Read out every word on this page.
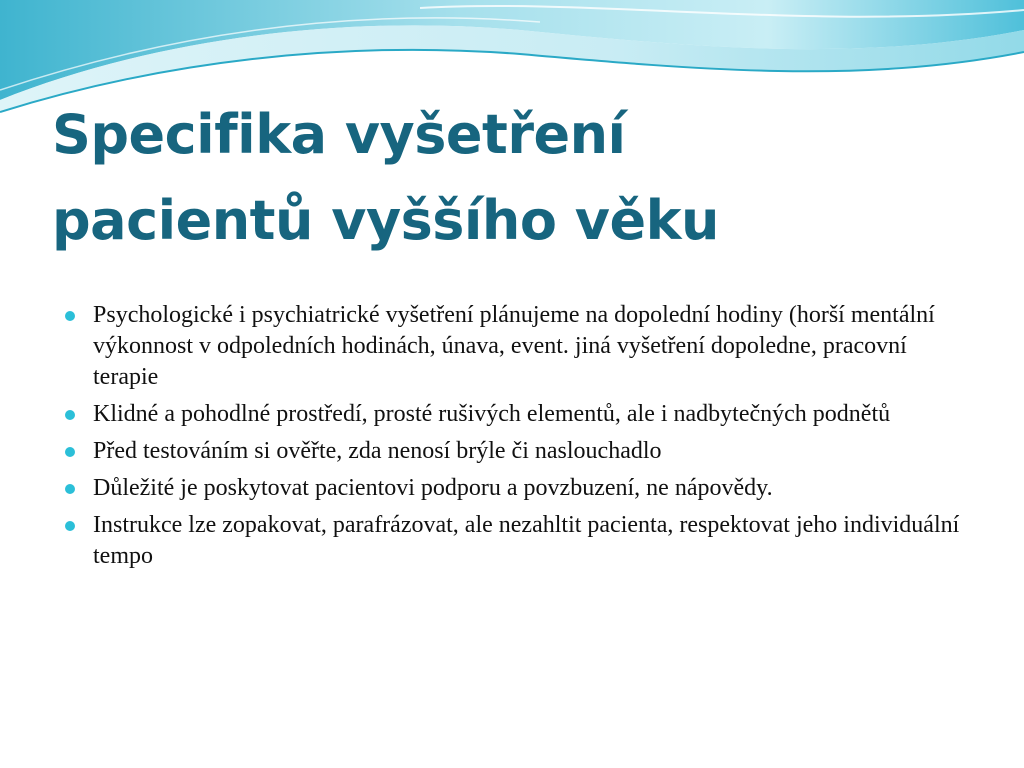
Specifika vyšetření
pacientů vyššího věku
Psychologické i psychiatrické vyšetření plánujeme na dopolední hodiny (horší mentální výkonnost v odpoledních hodinách, únava, event. jiná vyšetření dopoledne, pracovní terapie
Klidné a pohodlné prostředí, prosté rušivých elementů, ale i nadbytečných podnětů
Před testováním si ověřte, zda nenosí brýle či naslouchadlo
Důležité je poskytovat pacientovi podporu a povzbuzení, ne nápovědy.
Instrukce lze zopakovat, parafrázovat, ale nezahltit pacienta, respektovat jeho individuální tempo
